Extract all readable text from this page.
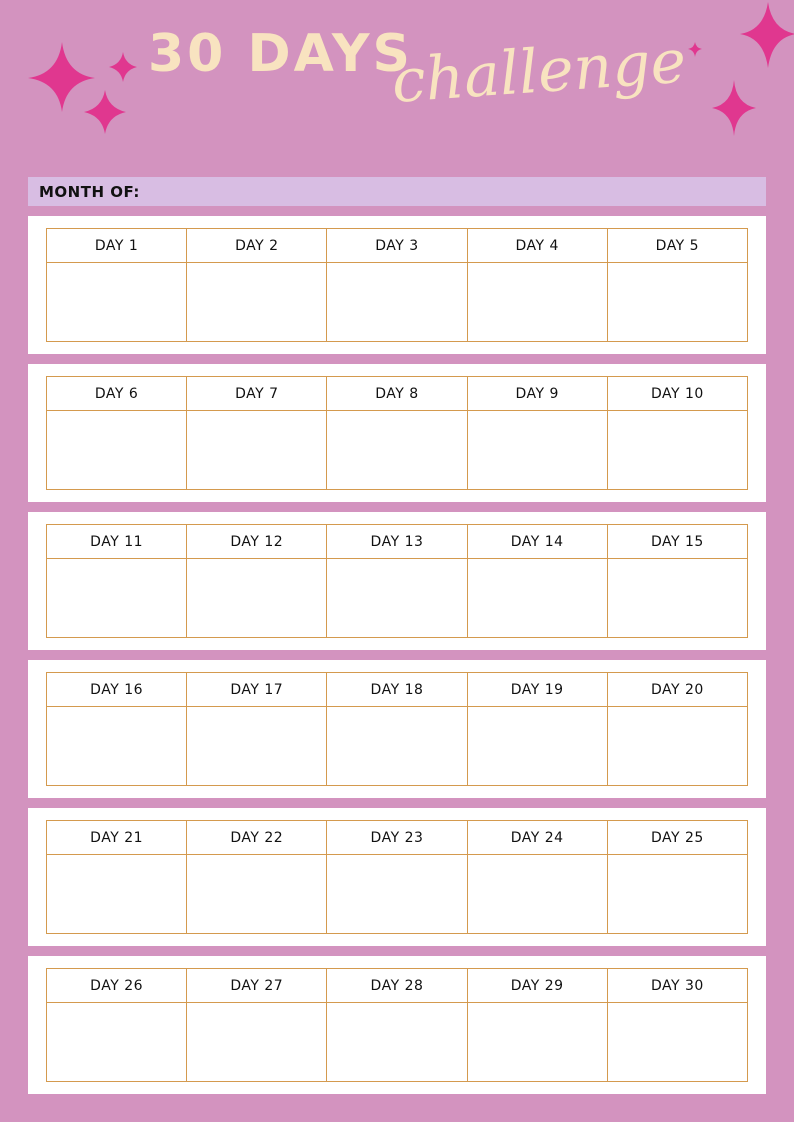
30 DAYS
challenge
MONTH OF:
DAY 1	DAY 2	DAY 3	DAY 4	DAY 5

DAY 6	DAY 7	DAY 8	DAY 9	DAY 10

DAY 11	DAY 12	DAY 13	DAY 14	DAY 15

DAY 16	DAY 17	DAY 18	DAY 19	DAY 20

DAY 21	DAY 22	DAY 23	DAY 24	DAY 25

DAY 26	DAY 27	DAY 28	DAY 29	DAY 30
